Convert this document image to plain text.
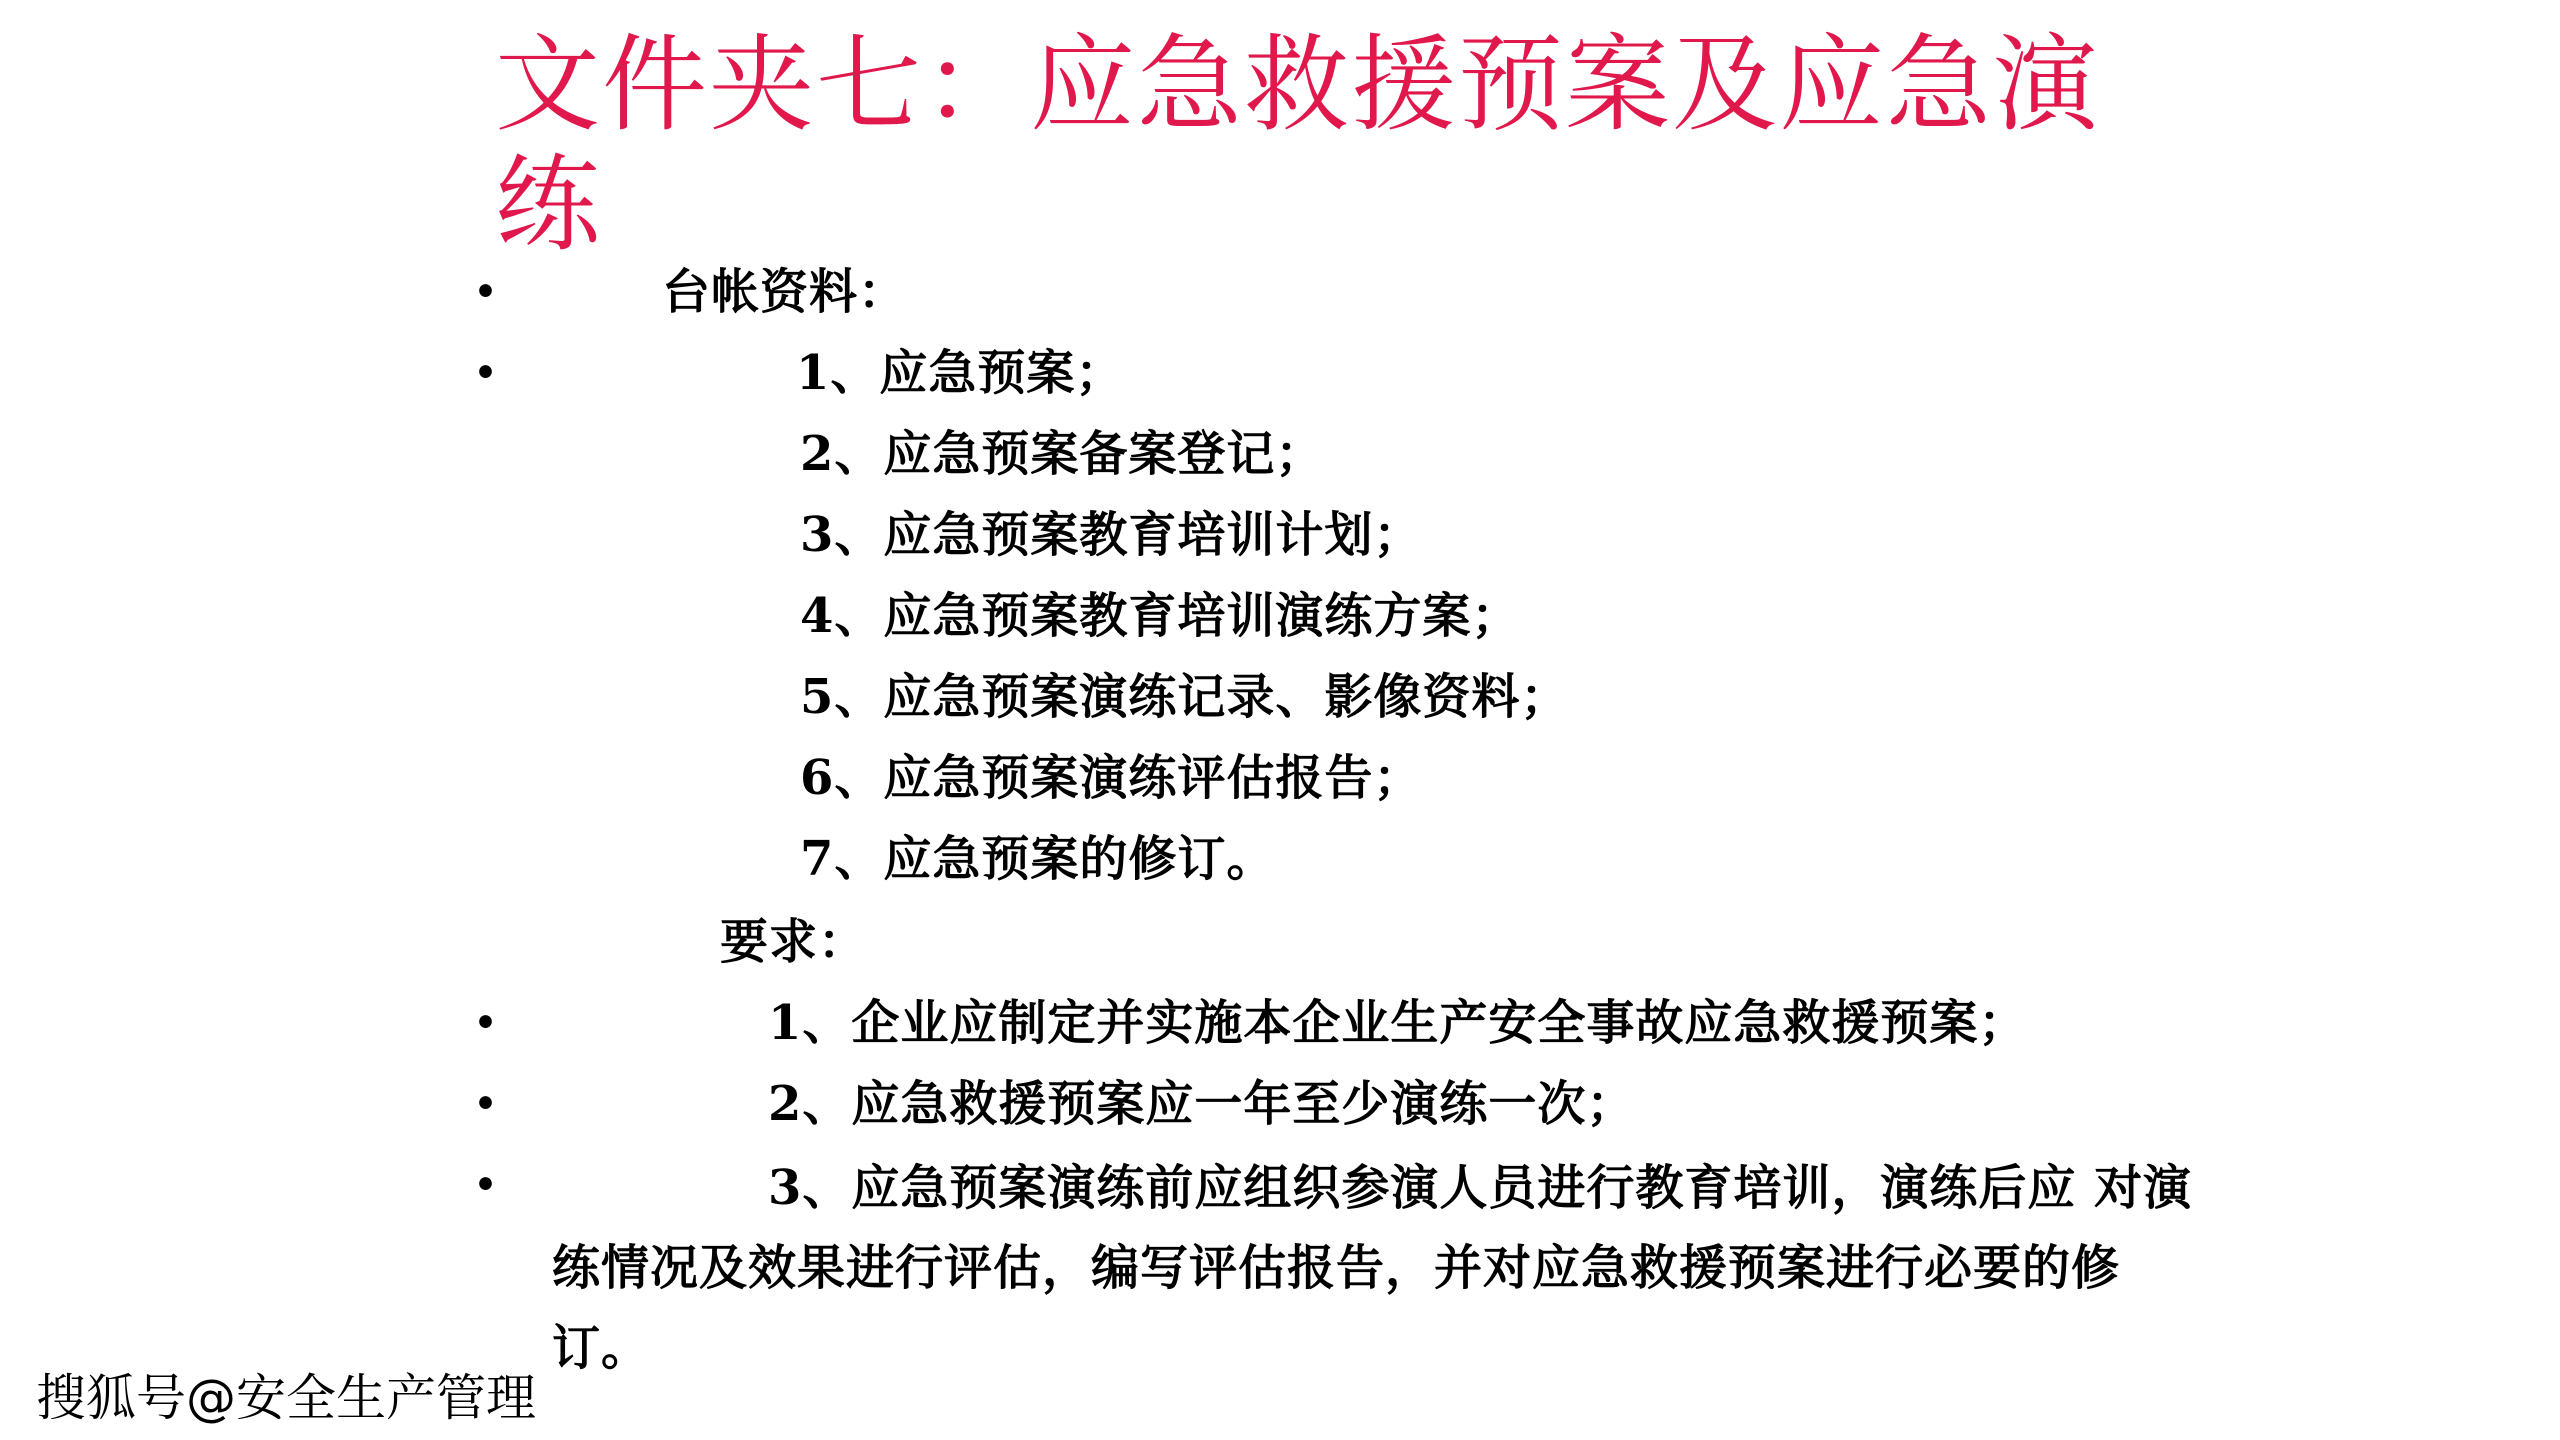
文件夹七：应急救援预案及应急演练
•	台帐资料：
•	1、应急预案；
2、应急预案备案登记；
3、应急预案教育培训计划；
4、应急预案教育培训演练方案；
5、应急预案演练记录、影像资料；
6、应急预案演练评估报告；
7、应急预案的修订。
要求：
•	1、企业应制定并实施本企业生产安全事故应急救援预案；
•	2、应急救援预案应一年至少演练一次；
•	3、应急预案演练前应组织参演人员进行教育培训，演练后应 对演练情况及效果进行评估，编写评估报告，并对应急救援预案进行必要的修订。
搜狐号@安全生产管理
